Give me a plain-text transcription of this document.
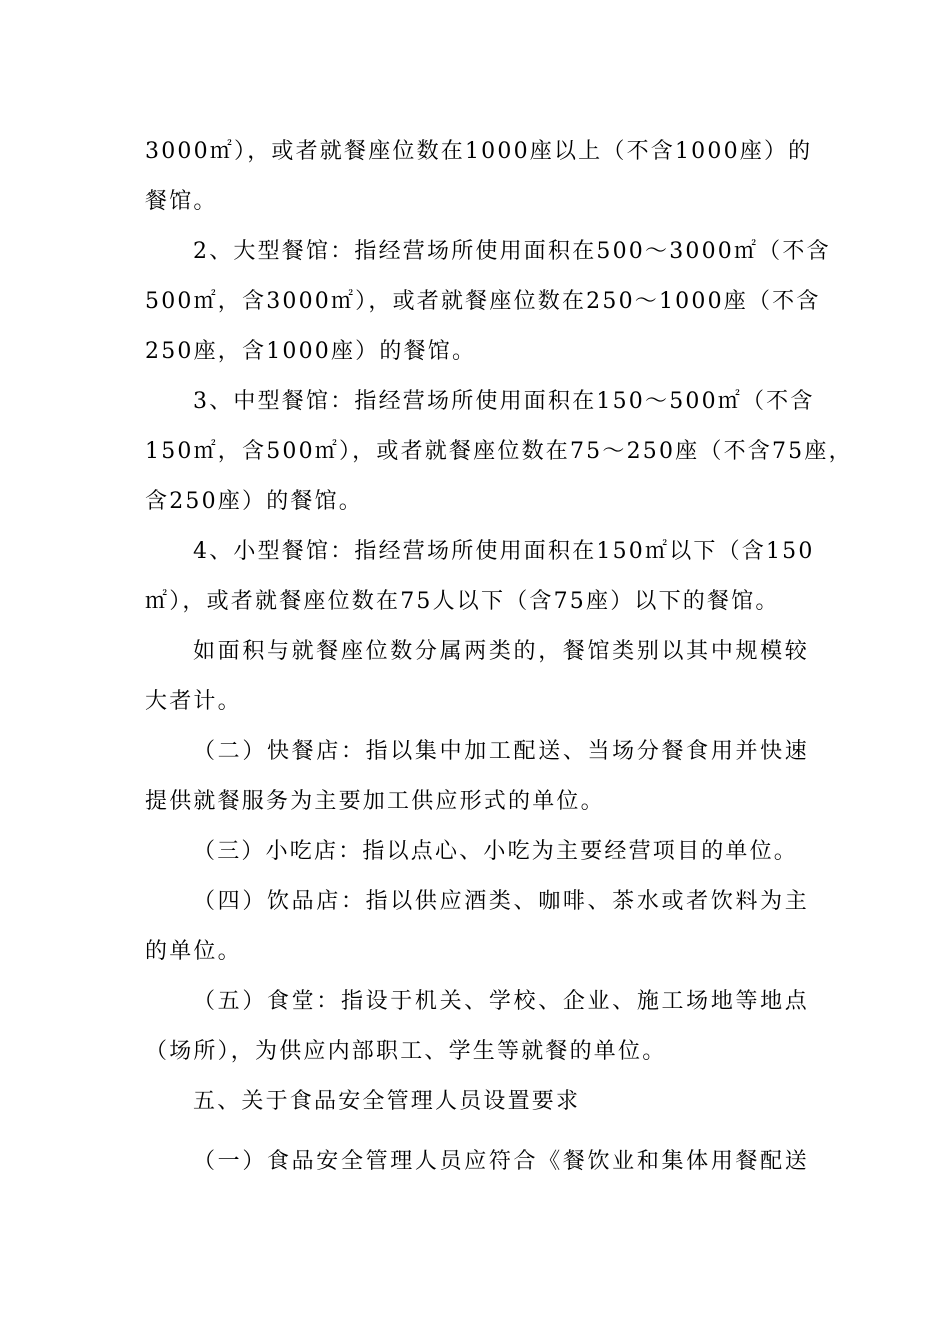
3000㎡），或者就餐座位数在1000座以上（不含1000座）的
餐馆。
2、大型餐馆：指经营场所使用面积在500～3000㎡（不含
500㎡，含3000㎡），或者就餐座位数在250～1000座（不含
250座，含1000座）的餐馆。
3、中型餐馆：指经营场所使用面积在150～500㎡（不含
150㎡，含500㎡），或者就餐座位数在75～250座（不含75座，
含250座）的餐馆。
4、小型餐馆：指经营场所使用面积在150㎡以下（含150
㎡），或者就餐座位数在75人以下（含75座）以下的餐馆。
如面积与就餐座位数分属两类的，餐馆类别以其中规模较
大者计。
（二）快餐店：指以集中加工配送、当场分餐食用并快速
提供就餐服务为主要加工供应形式的单位。
（三）小吃店：指以点心、小吃为主要经营项目的单位。
（四）饮品店：指以供应酒类、咖啡、茶水或者饮料为主
的单位。
（五）食堂：指设于机关、学校、企业、施工场地等地点
（场所），为供应内部职工、学生等就餐的单位。
五、关于食品安全管理人员设置要求
（一）食品安全管理人员应符合《餐饮业和集体用餐配送
